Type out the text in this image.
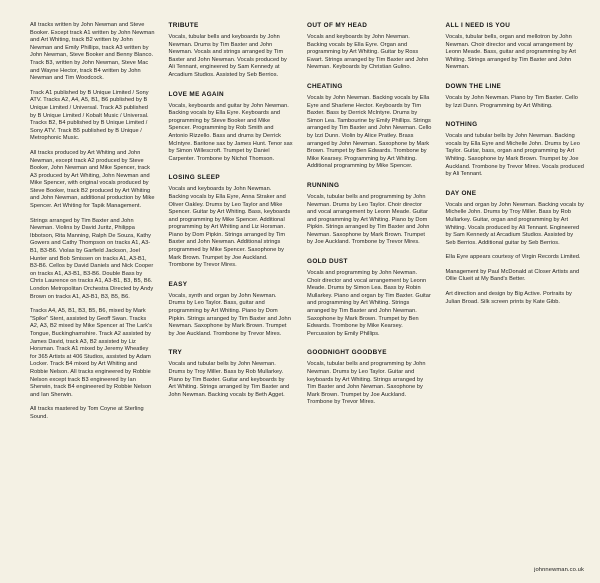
All tracks written by John Newman and Steve Booker. Except track A1 written by John Newman and Art Whiting, track B2 written by John Newman and Emily Phillips, track A3 written by John Newman, Steve Booker and Benny Blanco. Track B3, written by John Newman, Steve Mac and Wayne Hector, track B4 written by John Newman and Tim Woodcock.

Track A1 published by B Unique Limited / Sony ATV. Tracks A2, A4, A5, B1, B6 published by B Unique Limited / Universal. Track A3 published by B Unique Limited / Kobalt Music / Universal. Tracks B2, B4 published by B Unique Limited / Sony ATV. Track B5 published by B Unique / Metrophonic Music.

All tracks produced by Art Whiting and John Newman, except track A2 produced by Steve Booker, John Newman and Mike Spencer, track A3 produced by Art Whiting, John Newman and Mike Spencer, with original vocals produced by Steve Booker, track B2 produced by Art Whiting and John Newman, additional production by Mike Spencer. Art Whiting for Tapik Management.

Strings arranged by Tim Baxter and John Newman. Violins by David Juritz, Philippa Ibbotson, Rita Manning, Ralph De Souza, Kathy Gowers and Cathy Thompson on tracks A1, A3-B1, B3-B6. Violas by Garfield Jackson, Joel Hunter and Bob Smissen on tracks A1, A3-B1, B3-B6. Cellos by David Daniels and Nick Cooper on tracks A1, A3-B1, B3-B6. Double Bass by Chris Laurence on tracks A1, A3-B1, B3, B5, B6. London Metropolitan Orchestra Directed by Andy Brown on tracks A1, A3-B1, B3, B5, B6.

Tracks A4, A5, B1, B3, B5, B6, mixed by Mark "Spike" Stent, assisted by Geoff Swan. Tracks A2, A3, B2 mixed by Mike Spencer at The Lark's Tongue, Buckinghamshire. Track A2 assisted by James David, track A3, B2 assisted by Liz Horsman. Track A1 mixed by Jeremy Wheatley for 365 Artists at 406 Studios, assisted by Adam Locker. Track B4 mixed by Art Whiting and Robbie Nelson. All tracks engineered by Robbie Nelson except track B3 engineered by Ian Sherwin, track B4 engineered by Robbie Nelson and Ian Sherwin.

All tracks mastered by Tom Coyne at Sterling Sound.

TRIBUTE

Vocals, tubular bells and keyboards by John Newman. Drums by Tim Baxter and John Newman. Vocals and strings arranged by Tim Baxter and John Newman. Vocals produced by Ali Tennant, engineered by Sam Kennedy at Arcadium Studios. Assisted by Seb Berrios.

LOVE ME AGAIN

Vocals, keyboards and guitar by John Newman. Backing vocals by Ella Eyre. Keyboards and programming by Steve Booker and Mike Spencer. Programming by Rob Smith and Antonio Rizzello. Bass and drums by Derrick McIntyre. Baritone sax by James Hunt. Tenor sax by Simon Willescroft. Trumpet by Daniel Carpenter. Trombone by Nichol Thomson.

LOSING SLEEP

Vocals and keyboards by John Newman. Backing vocals by Ella Eyre, Anna Straker and Oliver Oakley. Drums by Leo Taylor and Mike Spencer. Guitar by Art Whiting. Bass, keyboards and programming by Mike Spencer. Additional programming by Art Whiting and Liz Horsman. Piano by Dom Pipkin. Strings arranged by Tim Baxter and John Newman. Additional strings programmed by Mike Spencer. Saxophone by Mark Brown. Trumpet by Joe Auckland. Trombone by Trevor Mires.

EASY

Vocals, synth and organ by John Newman. Drums by Leo Taylor. Bass, guitar and programming by Art Whiting. Piano by Dom Pipkin. Strings arranged by Tim Baxter and John Newman. Saxophone by Mark Brown. Trumpet by Joe Auckland. Trombone by Trevor Mires.

TRY

Vocals and tubular bells by John Newman. Drums by Troy Miller. Bass by Rob Mullarkey. Piano by Tim Baxter. Guitar and keyboards by Art Whiting. Strings arranged by Tim Baxter and John Newman. Backing vocals by Beth Agget.

OUT OF MY HEAD

Vocals and keyboards by John Newman. Backing vocals by Ella Eyre. Organ and programming by Art Whiting. Guitar by Ross Ewart. Strings arranged by Tim Baxter and John Newman. Keyboards by Christian Gulino.

CHEATING

Vocals by John Newman. Backing vocals by Ella Eyre and Sharlene Hector. Keyboards by Tim Baxter. Bass by Derrick McIntyre. Drums by Simon Lea. Tambourine by Emily Phillips. Strings arranged by Tim Baxter and John Newman. Cello by Izzi Dunn. Violin by Alice Pratley. Brass arranged by John Newman. Saxophone by Mark Brown. Trumpet by Ben Edwards. Trombone by Mike Kearsey. Programming by Art Whiting. Additional programming by Mike Spencer.

RUNNING

Vocals, tubular bells and programming by John Newman. Drums by Leo Taylor. Choir director and vocal arrangement by Leonn Meade. Guitar and programming by Art Whiting. Piano by Dom Pipkin. Strings arranged by Tim Baxter and John Newman. Saxophone by Mark Brown. Trumpet by Joe Auckland. Trombone by Trevor Mires.

GOLD DUST

Vocals and programming by John Newman. Choir director and vocal arrangement by Leonn Meade. Drums by Simon Lea. Bass by Robin Mullarkey. Piano and organ by Tim Baxter. Guitar and programming by Art Whiting. Strings arranged by Tim Baxter and John Newman. Saxophone by Mark Brown. Trumpet by Ben Edwards. Trombone by Mike Kearsey. Percussion by Emily Phillips.

GOODNIGHT GOODBYE

Vocals, tubular bells and programming by John Newman. Drums by Leo Taylor. Guitar and keyboards by Art Whiting. Strings arranged by Tim Baxter and John Newman. Saxophone by Mark Brown. Trumpet by Joe Auckland. Trombone by Trevor Mires.

ALL I NEED IS YOU

Vocals, tubular bells, organ and mellotron by John Newman. Choir director and vocal arrangement by Leonn Meade. Bass, guitar and programming by Art Whiting. Strings arranged by Tim Baxter and John Newman.

DOWN THE LINE

Vocals by John Newman. Piano by Tim Baxter. Cello by Izzi Dunn. Programming by Art Whiting.

NOTHING

Vocals and tubular bells by John Newman. Backing vocals by Ella Eyre and Michelle John. Drums by Leo Taylor. Guitar, bass, organ and programming by Art Whiting. Saxophone by Mark Brown. Trumpet by Joe Auckland. Trombone by Trevor Mires. Vocals produced by Ali Tennant.

DAY ONE

Vocals and organ by John Newman. Backing vocals by Michelle John. Drums by Troy Miller. Bass by Rob Mullarkey. Guitar, organ and programming by Art Whiting. Vocals produced by Ali Tennant. Engineered by Sam Kennedy at Arcadium Studios. Assisted by Seb Berrios. Additional guitar by Seb Berrios.

Ella Eyre appears courtesy of Virgin Records Limited.

Management by Paul McDonald at Closer Artists and Ollie Clueit at My Band's Better.

Art direction and design by Big Active. Portraits by Julian Broad. Silk screen prints by Kate Gibb.

johnnewman.co.uk
